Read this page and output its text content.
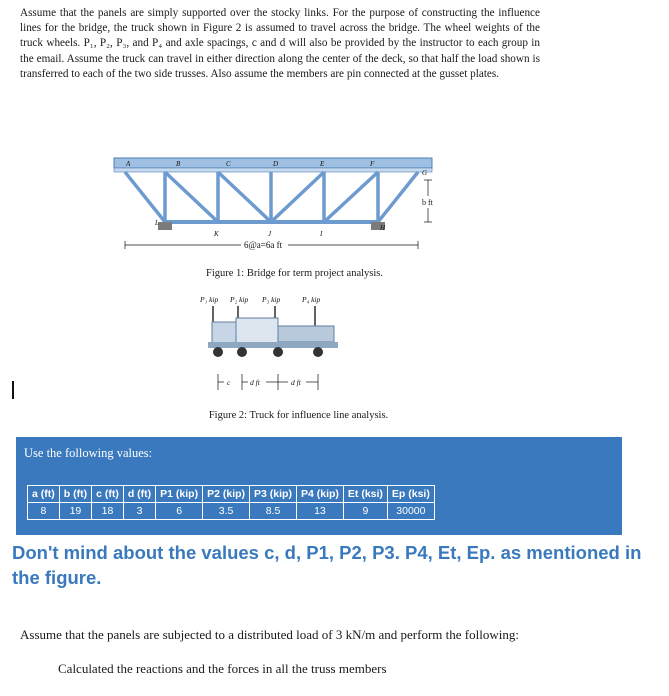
Assume that the panels are simply supported over the stocky links. For the purpose of constructing the influence lines for the bridge, the truck shown in Figure 2 is assumed to travel across the bridge. The wheel weights of the truck wheels. P₁, P₂, P₃, and P₄ and axle spacings, c and d will also be provided by the instructor to each group in the email. Assume the truck can travel in either direction along the center of the deck, so that half the load shown is transferred to each of the two side trusses. Also assume the members are pin connected at the gusset plates.
A	B	C	D	E	F
G
L
K	J	I
H
b ft
6@a=6a ft
Figure 1: Bridge for term project analysis.
P₁ kip P₂ kip P₃ kip	P₄ kip
c	d ft	d ft
Figure 2: Truck for influence line analysis.
Use the following values:
a (ft)	b (ft)	c (ft)	d (ft)	P1 (kip)	P2 (kip)	P3 (kip)	P4 (kip)	Et (ksi)	Ep (ksi)
8	19	18	3	6	3.5	8.5	13	9	30000
Don't mind about the values c, d, P1, P2, P3. P4, Et, Ep. as mentioned in the figure.
Assume that the panels are subjected to a distributed load of 3 kN/m and perform the following:
Calculated the reactions and the forces in all the truss members
